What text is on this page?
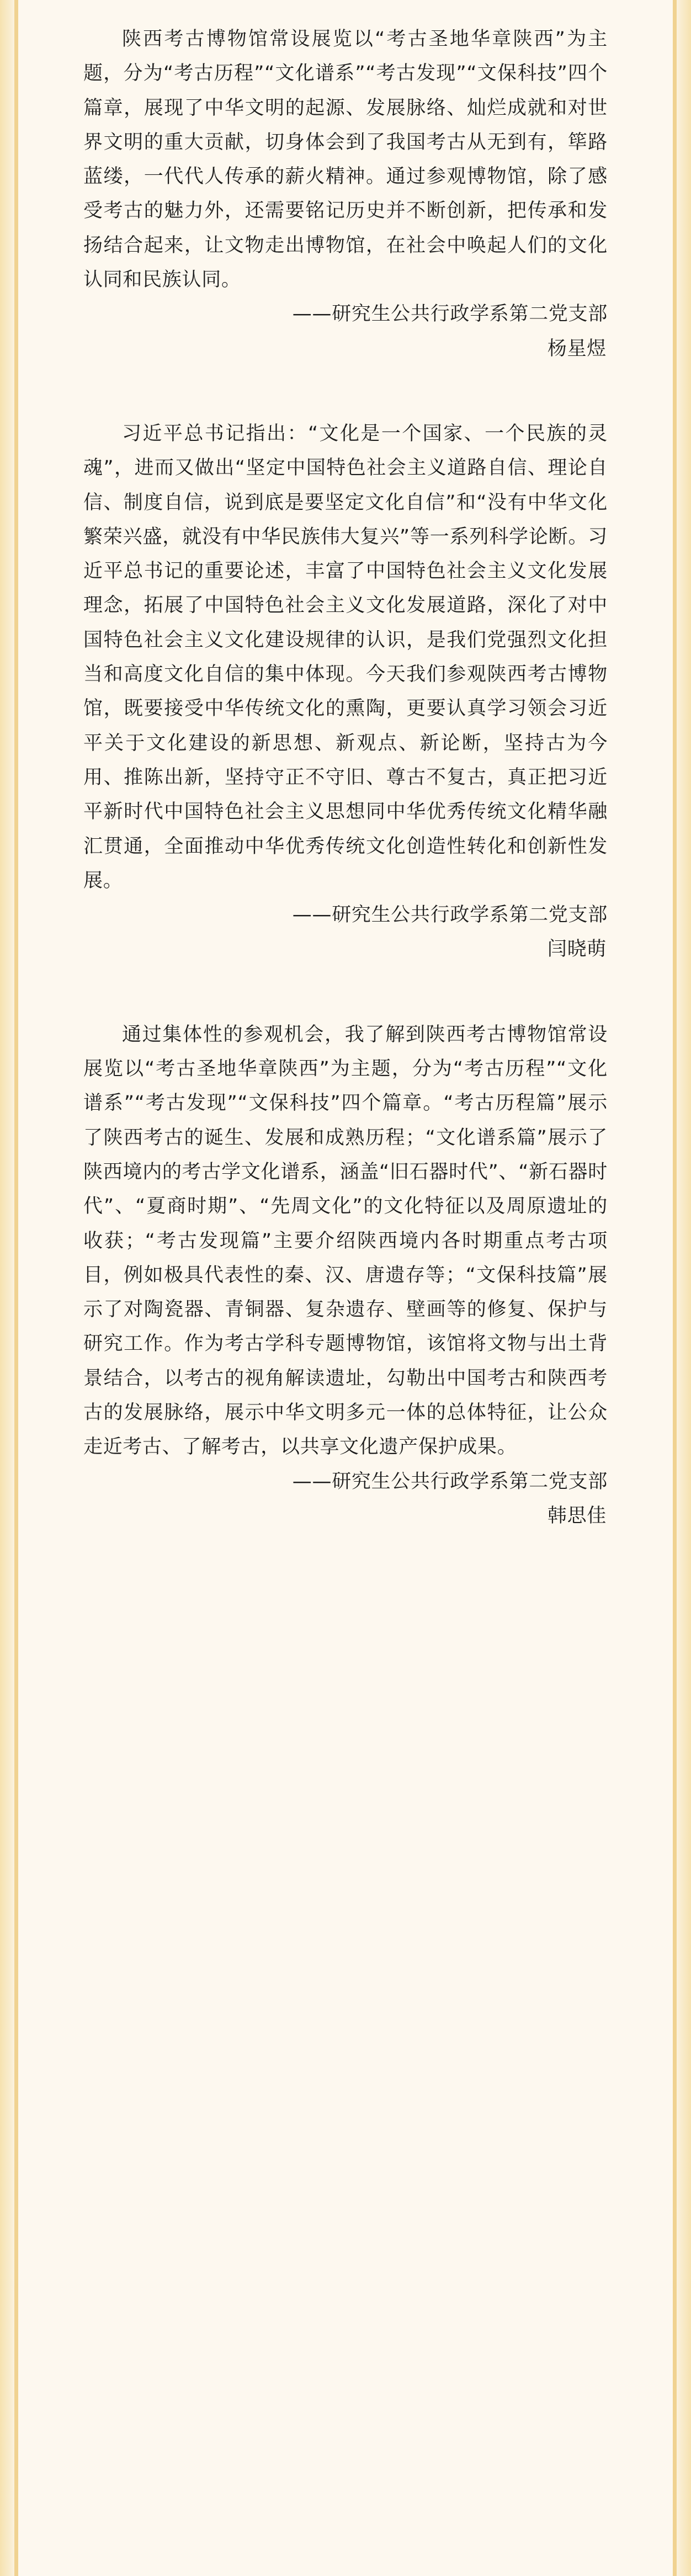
陕西考古博物馆常设展览以“考古圣地华章陕西”为主题，分为“考古历程”“文化谱系”“考古发现”“文保科技”四个篇章，展现了中华文明的起源、发展脉络、灿烂成就和对世界文明的重大贡献，切身体会到了我国考古从无到有，筚路蓝缕，一代代人传承的薪火精神。通过参观博物馆，除了感受考古的魅力外，还需要铭记历史并不断创新，把传承和发扬结合起来，让文物走出博物馆，在社会中唤起人们的文化认同和民族认同。

——研究生公共行政学系第二党支部

杨星煜

习近平总书记指出：“文化是一个国家、一个民族的灵魂”，进而又做出“坚定中国特色社会主义道路自信、理论自信、制度自信，说到底是要坚定文化自信”和“没有中华文化繁荣兴盛，就没有中华民族伟大复兴”等一系列科学论断。习近平总书记的重要论述，丰富了中国特色社会主义文化发展理念，拓展了中国特色社会主义文化发展道路，深化了对中国特色社会主义文化建设规律的认识，是我们党强烈文化担当和高度文化自信的集中体现。今天我们参观陕西考古博物馆，既要接受中华传统文化的熏陶，更要认真学习领会习近平关于文化建设的新思想、新观点、新论断，坚持古为今用、推陈出新，坚持守正不守旧、尊古不复古，真正把习近平新时代中国特色社会主义思想同中华优秀传统文化精华融汇贯通，全面推动中华优秀传统文化创造性转化和创新性发展。

——研究生公共行政学系第二党支部

闫晓萌

通过集体性的参观机会，我了解到陕西考古博物馆常设展览以“考古圣地华章陕西”为主题，分为“考古历程”“文化谱系”“考古发现”“文保科技”四个篇章。“考古历程篇”展示了陕西考古的诞生、发展和成熟历程；“文化谱系篇”展示了陕西境内的考古学文化谱系，涵盖“旧石器时代”、“新石器时代”、“夏商时期”、“先周文化”的文化特征以及周原遗址的收获；“考古发现篇”主要介绍陕西境内各时期重点考古项目，例如极具代表性的秦、汉、唐遗存等；“文保科技篇”展示了对陶瓷器、青铜器、复杂遗存、壁画等的修复、保护与研究工作。作为考古学科专题博物馆，该馆将文物与出土背景结合，以考古的视角解读遗址，勾勒出中国考古和陕西考古的发展脉络，展示中华文明多元一体的总体特征，让公众走近考古、了解考古，以共享文化遗产保护成果。

——研究生公共行政学系第二党支部

韩思佳
